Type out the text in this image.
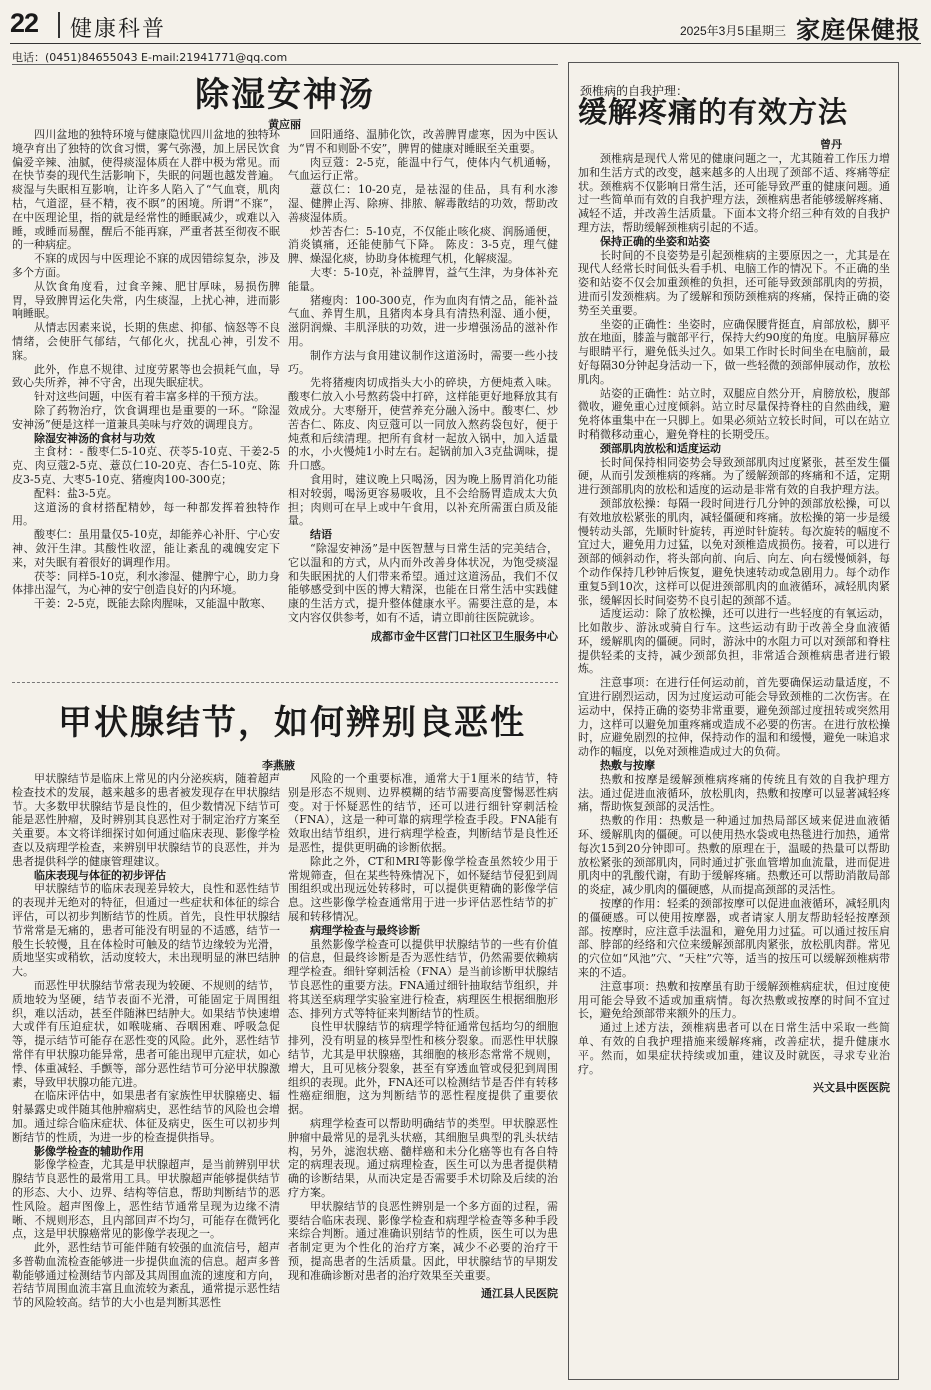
22 健康科普	2025年3月5日
星期三 家庭保健报
电话：(0451)84655043 E-mail:21941771@qq.com
除湿安神汤
黄应丽

四川盆地的独特环境与健康隐忧四川盆地的独特环境孕育出了独特的饮食习惯，雾气弥漫，加上居民饮食偏爱辛辣、油腻，使得痰湿体质在人群中极为常见。而在快节奏的现代生活影响下，失眠的问题也越发普遍。痰湿与失眠相互影响，让许多人陷入了“气血衰，肌肉枯，气道涩，昼不精，夜不瞑”的困境。所谓“不寐”，在中医理论里，指的就是经常性的睡眠减少，或难以入睡，或睡而易醒，醒后不能再寐，严重者甚至彻夜不眠的一种病症。

不寐的成因与中医理论不寐的成因错综复杂，涉及多个方面。

从饮食角度看，过食辛辣、肥甘厚味，易损伤脾胃，导致脾胃运化失常，内生痰湿，上扰心神，进而影响睡眠。

从情志因素来说，长期的焦虑、抑郁、恼怒等不良情绪，会使肝气郁结，气郁化火，扰乱心神，引发不寐。

此外，作息不规律、过度劳累等也会损耗气血，导致心失所养，神不守舍，出现失眠症状。

针对这些问题，中医有着丰富多样的干预方法。

除了药物治疗，饮食调理也是重要的一环。“除湿安神汤”便是这样一道兼具美味与疗效的调理良方。

除湿安神汤的食材与功效

主食材：- 酸枣仁5-10克、茯苓5-10克、干姜2-5克、肉豆蔻2-5克、薏苡仁10-20克、杏仁5-10克、陈皮3-5克、大枣5-10克、猪瘦肉100-300克；

配料：盐3-5克。

这道汤的食材搭配精妙，每一种都发挥着独特作用。

酸枣仁：虽用量仅5-10克，却能养心补肝、宁心安神、敛汗生津。其酸性收涩，能让紊乱的魂魄安定下来，对失眠有着很好的调理作用。

茯苓：同样5-10克，利水渗湿、健脾宁心，助力身体排出湿气，为心神的安宁创造良好的内环境。

干姜：2-5克，既能去除肉腥味，又能温中散寒、

回阳通络、温肺化饮，改善脾胃虚寒，因为中医认为“胃不和则卧不安”，脾胃的健康对睡眠至关重要。

肉豆蔻：2-5克，能温中行气，使体内气机通畅，气血运行正常。

薏苡仁：10-20克，是祛湿的佳品，具有利水渗湿、健脾止泻、除痹、排脓、解毒散结的功效，帮助改善痰湿体质。

炒苦杏仁：5-10克，不仅能止咳化痰、润肠通便，消炎镇痛，还能使肺气下降。 陈皮：3-5克，理气健脾、燥湿化痰，协助身体梳理气机，化解痰湿。

大枣：5-10克，补益脾胃，益气生津，为身体补充能量。

猪瘦肉：100-300克，作为血肉有情之品，能补益气血、养胃生肌，且猪肉本身具有清热利湿、通小便，滋阴润燥、丰肌泽肤的功效，进一步增强汤品的滋补作用。

制作方法与食用建议制作这道汤时，需要一些小技巧。

先将猪瘦肉切成指头大小的碎块，方便炖煮入味。酸枣仁放入小号熬药袋中打碎，这样能更好地释放其有效成分。大枣掰开，使营养充分融入汤中。酸枣仁、炒苦杏仁、陈皮、肉豆蔻可以一同放入熬药袋包好，便于炖煮和后续清理。把所有食材一起放入锅中，加入适量的水，小火慢炖1小时左右。起锅前加入3克盐调味，提升口感。

食用时，建议晚上只喝汤，因为晚上肠胃消化功能相对较弱，喝汤更容易吸收，且不会给肠胃造成太大负担；肉则可在早上或中午食用，以补充所需蛋白质及能量。

结语

“除湿安神汤”是中医智慧与日常生活的完美结合，它以温和的方式，从内而外改善身体状况，为饱受痰湿和失眠困扰的人们带来希望。通过这道汤品，我们不仅能够感受到中医的博大精深，也能在日常生活中实践健康的生活方式，提升整体健康水平。需要注意的是，本文内容仅供参考，如有不适，请立即前往医院就诊。

成都市金牛区营门口社区卫生服务中心

甲状腺结节，如何辨别良恶性
李燕腋

甲状腺结节是临床上常见的内分泌疾病，随着超声检查技术的发展，越来越多的患者被发现存在甲状腺结节。大多数甲状腺结节是良性的，但少数情况下结节可能是恶性肿瘤，及时辨别其良恶性对于制定治疗方案至关重要。本文将详细探讨如何通过临床表现、影像学检查以及病理学检查，来辨别甲状腺结节的良恶性，并为患者提供科学的健康管理建议。

临床表现与体征的初步评估

甲状腺结节的临床表现差异较大，良性和恶性结节的表现并无绝对的特征，但通过一些症状和体征的综合评估，可以初步判断结节的性质。首先，良性甲状腺结节常常是无痛的，患者可能没有明显的不适感，结节一般生长较慢，且在体检时可触及的结节边缘较为光滑，质地坚实或稍软，活动度较大，未出现明显的淋巴结肿大。

而恶性甲状腺结节常表现为较硬、不规则的结节，质地较为坚硬，结节表面不光滑，可能固定于周围组织，难以活动，甚至伴随淋巴结肿大。如果结节快速增大或伴有压迫症状，如喉咙痛、吞咽困难、呼吸急促等，提示结节可能存在恶性变的风险。此外，恶性结节常伴有甲状腺功能异常，患者可能出现甲亢症状，如心悸、体重减轻、手颤等，部分恶性结节可分泌甲状腺激素，导致甲状腺功能亢进。

在临床评估中，如果患者有家族性甲状腺癌史、辐射暴露史或伴随其他肿瘤病史，恶性结节的风险也会增加。通过综合临床症状、体征及病史，医生可以初步判断结节的性质，为进一步的检查提供指导。

影像学检查的辅助作用

影像学检查，尤其是甲状腺超声，是当前辨别甲状腺结节良恶性的最常用工具。甲状腺超声能够提供结节的形态、大小、边界、结构等信息，帮助判断结节的恶性风险。超声图像上，恶性结节通常呈现为边缘不清晰、不规则形态，且内部回声不均匀，可能存在微钙化点，这是甲状腺癌常见的影像学表现之一。

此外，恶性结节可能伴随有较强的血流信号，超声多普勒血流检查能够进一步提供血流的信息。超声多普勒能够通过检测结节内部及其周围血流的速度和方向，若结节周围血流丰富且血流较为紊乱，通常提示恶性结节的风险较高。结节的大小也是判断其恶性

风险的一个重要标准，通常大于1厘米的结节，特别是形态不规则、边界模糊的结节需要高度警惕恶性病变。对于怀疑恶性的结节，还可以进行细针穿刺活检（FNA），这是一种可靠的病理学检查手段。FNA能有效取出结节组织，进行病理学检查，判断结节是良性还是恶性，提供更明确的诊断依据。

除此之外，CT和MRI等影像学检查虽然较少用于常规筛查，但在某些特殊情况下，如怀疑结节侵犯到周围组织或出现远处转移时，可以提供更精确的影像学信息。这些影像学检查通常用于进一步评估恶性结节的扩展和转移情况。

病理学检查与最终诊断

虽然影像学检查可以提供甲状腺结节的一些有价值的信息，但最终诊断是否为恶性结节，仍然需要依赖病理学检查。细针穿刺活检（FNA）是当前诊断甲状腺结节良恶性的重要方法。FNA通过细针抽取结节组织，并将其送至病理学实验室进行检查，病理医生根据细胞形态、排列方式等特征来判断结节的性质。

良性甲状腺结节的病理学特征通常包括均匀的细胞排列，没有明显的核异型性和核分裂象。而恶性甲状腺结节，尤其是甲状腺癌，其细胞的核形态常常不规则，增大，且可见核分裂象，甚至有穿透血管或侵犯到周围组织的表现。此外，FNA还可以检测结节是否伴有转移性癌症细胞，这为判断结节的恶性程度提供了重要依据。

病理学检查可以帮助明确结节的类型。甲状腺恶性肿瘤中最常见的是乳头状癌，其细胞呈典型的乳头状结构，另外，滤泡状癌、髓样癌和未分化癌等也有各自特定的病理表现。通过病理检查，医生可以为患者提供精确的诊断结果，从而决定是否需要手术切除及后续的治疗方案。

甲状腺结节的良恶性辨别是一个多方面的过程，需要结合临床表现、影像学检查和病理学检查等多种手段来综合判断。通过准确识别结节的性质，医生可以为患者制定更为个性化的治疗方案，减少不必要的治疗干预，提高患者的生活质量。因此，甲状腺结节的早期发现和准确诊断对患者的治疗效果至关重要。

通江县人民医院

颈椎病的自我护理：
缓解疼痛的有效方法
曾丹

颈椎病是现代人常见的健康问题之一，尤其随着工作压力增加和生活方式的改变，越来越多的人出现了颈部不适、疼痛等症状。颈椎病不仅影响日常生活，还可能导致严重的健康问题。通过一些简单而有效的自我护理方法，颈椎病患者能够缓解疼痛、减轻不适，并改善生活质量。下面本文将介绍三种有效的自我护理方法，帮助缓解颈椎病引起的不适。

保持正确的坐姿和站姿

长时间的不良姿势是引起颈椎病的主要原因之一，尤其是在现代人经常长时间低头看手机、电脑工作的情况下。不正确的坐姿和站姿不仅会加重颈椎的负担，还可能导致颈部肌肉的劳损，进而引发颈椎病。为了缓解和预防颈椎病的疼痛，保持正确的姿势至关重要。

坐姿的正确性：坐姿时，应确保腰背挺直，肩部放松，脚平放在地面，膝盖与髋部平行，保持大约90度的角度。电脑屏幕应与眼睛平行，避免低头过久。如果工作时长时间坐在电脑前，最好每隔30分钟起身活动一下，做一些轻微的颈部伸展动作，放松肌肉。

站姿的正确性：站立时，双腿应自然分开，肩膀放松，腹部微收，避免重心过度倾斜。站立时尽量保持脊柱的自然曲线，避免将体重集中在一只脚上。如果必须站立较长时间，可以在站立时稍微移动重心，避免脊柱的长期受压。

颈部肌肉放松和适度运动

长时间保持相同姿势会导致颈部肌肉过度紧张，甚至发生僵硬，从而引发颈椎病的疼痛。为了缓解颈部的疼痛和不适，定期进行颈部肌肉的放松和适度的运动是非常有效的自我护理方法。

颈部放松操：每隔一段时间进行几分钟的颈部放松操，可以有效地放松紧张的肌肉，减轻僵硬和疼痛。放松操的第一步是缓慢转动头部，先顺时针旋转，再逆时针旋转。每次旋转的幅度不宜过大，避免用力过猛，以免对颈椎造成损伤。接着，可以进行颈部的倾斜动作，将头部向前、向后、向左、向右缓慢倾斜，每个动作保持几秒钟后恢复，避免快速转动或急剧用力。每个动作重复5到10次，这样可以促进颈部肌肉的血液循环，减轻肌肉紧张，缓解因长时间姿势不良引起的颈部不适。

适度运动：除了放松操，还可以进行一些轻度的有氧运动，比如散步、游泳或骑自行车。这些运动有助于改善全身血液循环，缓解肌肉的僵硬。同时，游泳中的水阻力可以对颈部和脊柱提供轻柔的支持，减少颈部负担，非常适合颈椎病患者进行锻炼。

注意事项：在进行任何运动前，首先要确保运动量适度，不宜进行剧烈运动，因为过度运动可能会导致颈椎的二次伤害。在运动中，保持正确的姿势非常重要，避免颈部过度扭转或突然用力，这样可以避免加重疼痛或造成不必要的伤害。在进行放松操时，应避免剧烈的拉伸，保持动作的温和和缓慢，避免一味追求动作的幅度，以免对颈椎造成过大的负荷。

热敷与按摩

热敷和按摩是缓解颈椎病疼痛的传统且有效的自我护理方法。通过促进血液循环，放松肌肉，热敷和按摩可以显著减轻疼痛，帮助恢复颈部的灵活性。

热敷的作用：热敷是一种通过加热局部区域来促进血液循环、缓解肌肉的僵硬。可以使用热水袋或电热毯进行加热，通常每次15到20分钟即可。热敷的原理在于，温暖的热量可以帮助放松紧张的颈部肌肉，同时通过扩张血管增加血流量，进而促进肌肉中的乳酸代谢，有助于缓解疼痛。热敷还可以帮助消散局部的炎症，减少肌肉的僵硬感，从而提高颈部的灵活性。

按摩的作用：轻柔的颈部按摩可以促进血液循环，减轻肌肉的僵硬感。可以使用按摩器，或者请家人朋友帮助轻轻按摩颈部。按摩时，应注意手法温和，避免用力过猛。可以通过按压肩部、脖部的经络和穴位来缓解颈部肌肉紧张，放松肌肉群。常见的穴位如“风池”穴、“天柱”穴等，适当的按压可以缓解颈椎病带来的不适。

注意事项：热敷和按摩虽有助于缓解颈椎病症状，但过度使用可能会导致不适或加重病情。每次热敷或按摩的时间不宜过长，避免给颈部带来额外的压力。

通过上述方法，颈椎病患者可以在日常生活中采取一些简单、有效的自我护理措施来缓解疼痛，改善症状，提升健康水平。然而，如果症状持续或加重，建议及时就医，寻求专业治疗。

兴文县中医医院
